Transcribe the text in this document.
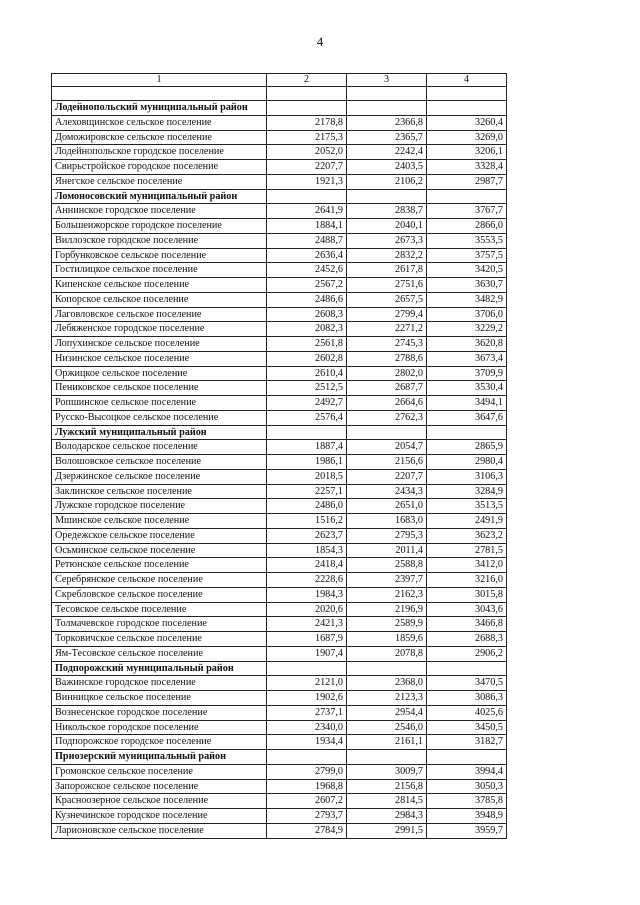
4
1	2	3	4

Лодейнопольский муниципальный район			
Алеховщинское сельское поселение	2178,8	2366,8	3260,4
Доможировское сельское поселение	2175,3	2365,7	3269,0
Лодейнопольское городское поселение	2052,0	2242,4	3206,1
Свирьстройское городское поселение	2207,7	2403,5	3328,4
Янегское сельское поселение	1921,3	2106,2	2987,7
Ломоносовский муниципальный район			
Аннинское городское поселение	2641,9	2838,7	3767,7
Большеижорское городское поселение	1884,1	2040,1	2866,0
Виллозское городское поселение	2488,7	2673,3	3553,5
Горбунковское сельское поселение	2636,4	2832,2	3757,5
Гостилицкое сельское поселение	2452,6	2617,8	3420,5
Кипенское сельское поселение	2567,2	2751,6	3630,7
Копорское сельское поселение	2486,6	2657,5	3482,9
Лаговловское сельское поселение	2608,3	2799,4	3706,0
Лебяженское городское поселение	2082,3	2271,2	3229,2
Лопухинское сельское поселение	2561,8	2745,3	3620,8
Низинское сельское поселение	2602,8	2788,6	3673,4
Оржицкое сельское поселение	2610,4	2802,0	3709,9
Пениковское сельское поселение	2512,5	2687,7	3530,4
Ропшинское сельское поселение	2492,7	2664,6	3494,1
Русско-Высоцкое сельское поселение	2576,4	2762,3	3647,6
Лужский муниципальный район			
Володарское сельское поселение	1887,4	2054,7	2865,9
Волошовское сельское поселение	1986,1	2156,6	2980,4
Дзержинское сельское поселение	2018,5	2207,7	3106,3
Заклинское сельское поселение	2257,1	2434,3	3284,9
Лужское городское поселение	2486,0	2651,0	3513,5
Мшинское сельское поселение	1516,2	1683,0	2491,9
Оредежское сельское поселение	2623,7	2795,3	3623,2
Осьминское сельское поселение	1854,3	2011,4	2781,5
Ретюнское сельское поселение	2418,4	2588,8	3412,0
Серебрянское сельское поселение	2228,6	2397,7	3216,0
Скребловское сельское поселение	1984,3	2162,3	3015,8
Тесовское сельское поселение	2020,6	2196,9	3043,6
Толмачевское городское поселение	2421,3	2589,9	3466,8
Торковичское сельское поселение	1687,9	1859,6	2688,3
Ям-Тесовское сельское поселение	1907,4	2078,8	2906,2
Подпорожский муниципальный район			
Важинское городское поселение	2121,0	2368,0	3470,5
Винницкое сельское поселение	1902,6	2123,3	3086,3
Вознесенское городское поселение	2737,1	2954,4	4025,6
Никольское городское поселение	2340,0	2546,0	3450,5
Подпорожское городское поселение	1934,4	2161,1	3182,7
Приозерский муниципальный район			
Громовское сельское поселение	2799,0	3009,7	3994,4
Запорожское сельское поселение	1968,8	2156,8	3050,3
Красноозерное сельское поселение	2607,2	2814,5	3785,8
Кузнечинское городское поселение	2793,7	2984,3	3948,9
Ларионовское сельское поселение	2784,9	2991,5	3959,7
